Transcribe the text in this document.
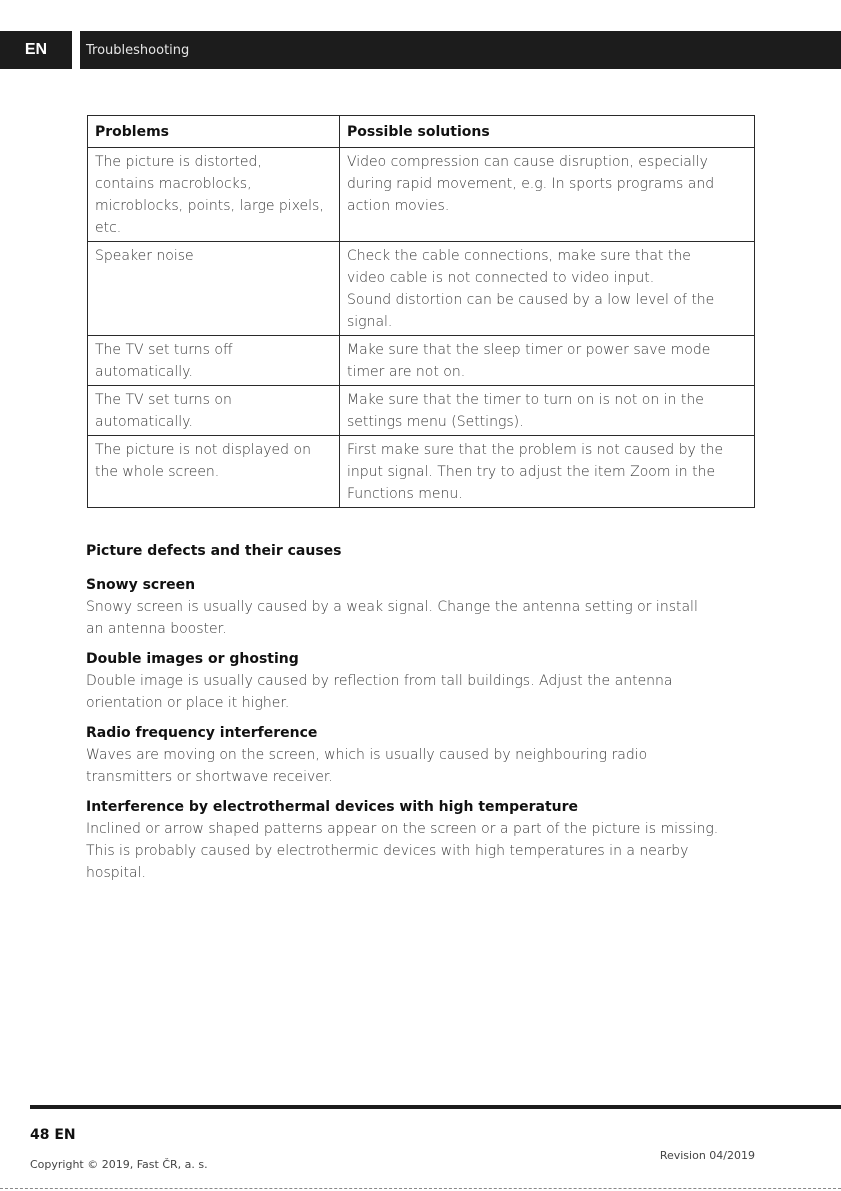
EN	Troubleshooting
Problems	Possible solutions

The picture is distorted,
contains macroblocks,
microblocks, points, large pixels,
etc.	Video compression can cause disruption, especially
during rapid movement, e.g. In sports programs and
action movies.

Speaker noise	Check the cable connections, make sure that the
video cable is not connected to video input.
Sound distortion can be caused by a low level of the
signal.

The TV set turns off
automatically.	Make sure that the sleep timer or power save mode
timer are not on.

The TV set turns on
automatically.	Make sure that the timer to turn on is not on in the
settings menu (Settings).

The picture is not displayed on
the whole screen.	First make sure that the problem is not caused by the
input signal. Then try to adjust the item Zoom in the
Functions menu.

Picture defects and their causes

Snowy screen

Snowy screen is usually caused by a weak signal. Change the antenna setting or install
an antenna booster.

Double images or ghosting

Double image is usually caused by reflection from tall buildings. Adjust the antenna
orientation or place it higher.

Radio frequency interference

Waves are moving on the screen, which is usually caused by neighbouring radio
transmitters or shortwave receiver.

Interference by electrothermal devices with high temperature

Inclined or arrow shaped patterns appear on the screen or a part of the picture is missing.
This is probably caused by electrothermic devices with high temperatures in a nearby
hospital.

48 EN
Copyright © 2019, Fast ČR, a. s.
Revision 04/2019
